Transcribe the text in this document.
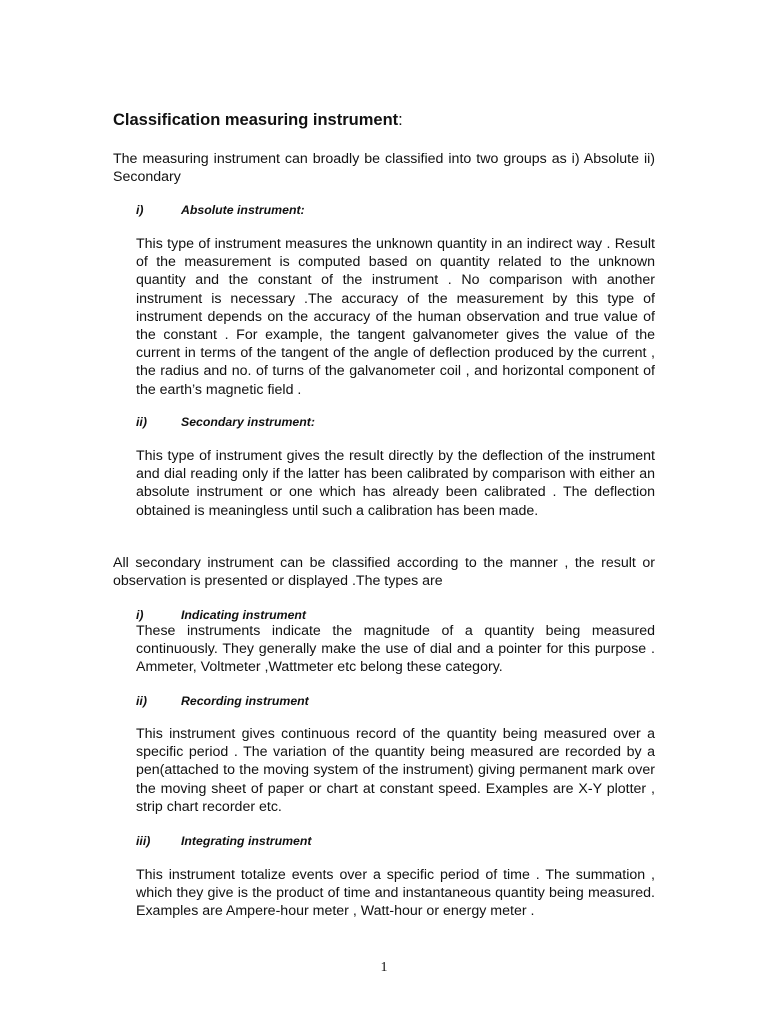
Classification measuring instrument:

The measuring instrument can broadly be classified into two groups as i) Absolute ii) Secondary

i)	Absolute instrument:

This type of instrument measures the unknown quantity in an indirect way . Result of the measurement is computed based on quantity related to the unknown quantity and the constant of the instrument . No comparison with another instrument is necessary .The accuracy of the measurement by this type of instrument depends on the accuracy of the human observation and true value of the constant . For example, the tangent galvanometer gives the value of the current in terms of the tangent of the angle of deflection produced by the current , the radius and no. of turns of the galvanometer coil , and horizontal component of the earth’s magnetic field .

ii)	Secondary instrument:

This type of instrument gives the result directly by the deflection of the instrument and dial reading only if the latter has been calibrated by comparison with either an absolute instrument or one which has already been calibrated . The deflection obtained is meaningless until such a calibration has been made.

All secondary instrument can be classified according to the manner , the result or observation is presented or displayed .The types are

i)	Indicating instrument

These instruments indicate the magnitude of a quantity being measured continuously. They generally make the use of dial and a pointer for this purpose . Ammeter, Voltmeter ,Wattmeter etc belong these category.

ii)	Recording instrument

This instrument gives continuous record of the quantity being measured over a specific period . The variation of the quantity being measured are recorded by a pen(attached to the moving system of the instrument) giving permanent mark over the moving sheet of paper or chart at constant speed. Examples are X-Y plotter , strip chart recorder etc.

iii) Integrating instrument

This instrument totalize events over a specific period of time . The summation , which they give is the product of time and instantaneous quantity being measured. Examples are Ampere-hour meter , Watt-hour or energy meter .

1
